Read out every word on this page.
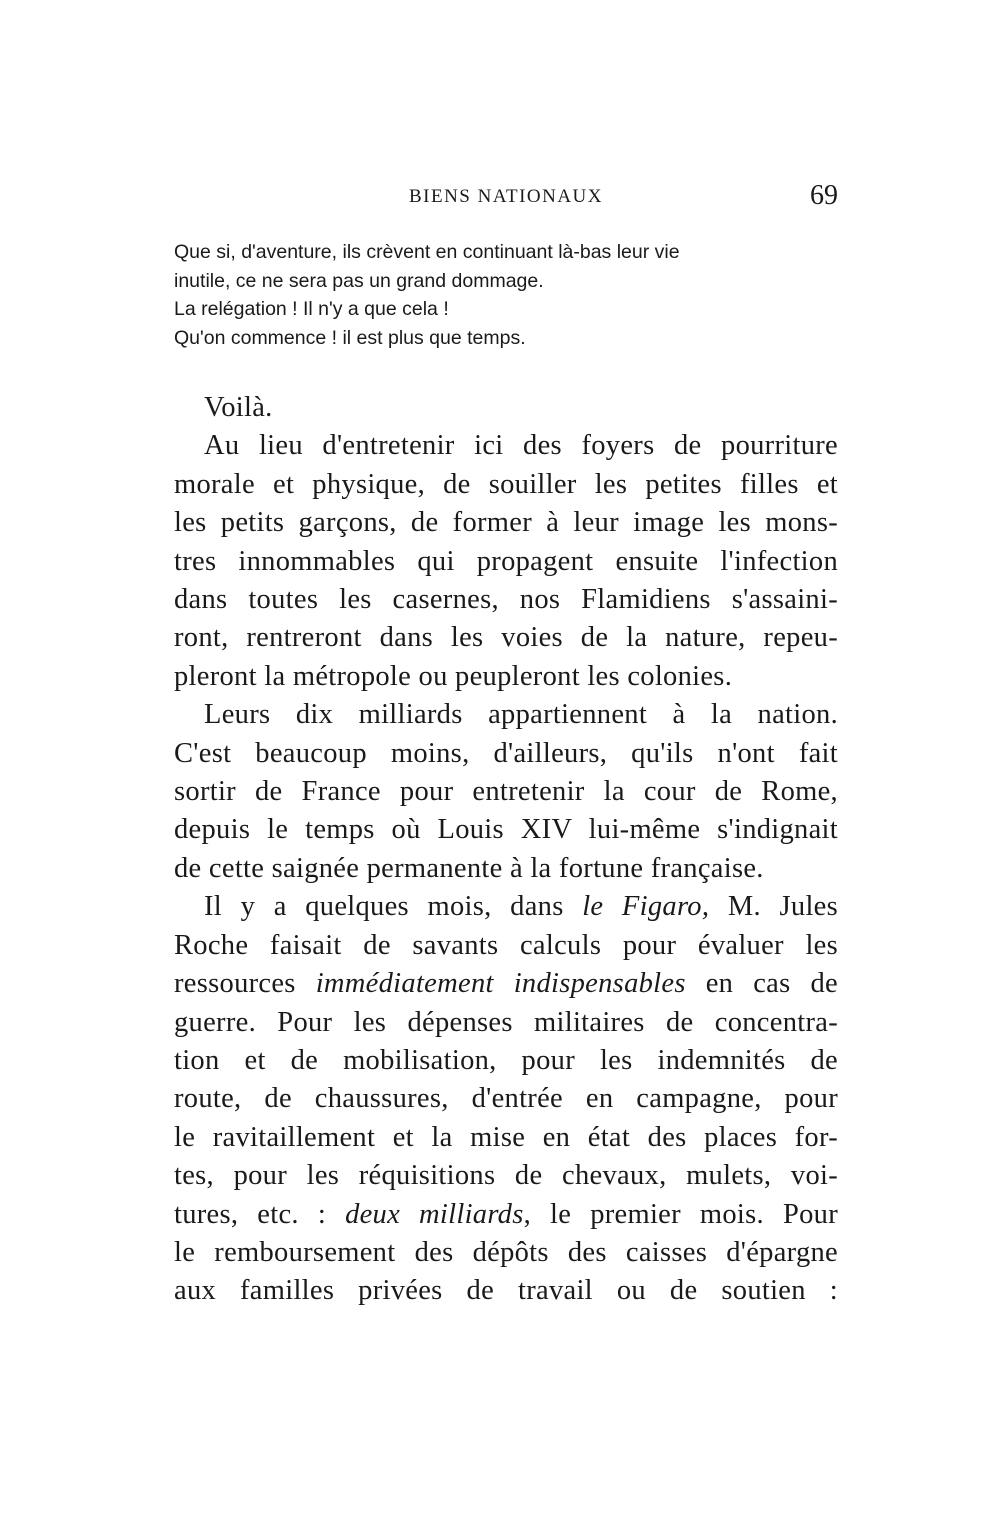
BIENS NATIONAUX	69
Que si, d'aventure, ils crèvent en continuant là-bas leur vie
inutile, ce ne sera pas un grand dommage.
La relégation ! Il n'y a que cela !
Qu'on commence ! il est plus que temps.
Voilà.
Au lieu d'entretenir ici des foyers de pourriture
morale et physique, de souiller les petites filles et
les petits garçons, de former à leur image les mons-
tres innommables qui propagent ensuite l'infection
dans toutes les casernes, nos Flamidiens s'assaini-
ront, rentreront dans les voies de la nature, repeu-
pleront la métropole ou peupleront les colonies.
Leurs dix milliards appartiennent à la nation.
C'est beaucoup moins, d'ailleurs, qu'ils n'ont fait
sortir de France pour entretenir la cour de Rome,
depuis le temps où Louis XIV lui-même s'indignait
de cette saignée permanente à la fortune française.
Il y a quelques mois, dans le Figaro, M. Jules
Roche faisait de savants calculs pour évaluer les
ressources immédiatement indispensables en cas de
guerre. Pour les dépenses militaires de concentra-
tion et de mobilisation, pour les indemnités de
route, de chaussures, d'entrée en campagne, pour
le ravitaillement et la mise en état des places for-
tes, pour les réquisitions de chevaux, mulets, voi-
tures, etc. : deux milliards, le premier mois. Pour
le remboursement des dépôts des caisses d'épargne
aux familles privées de travail ou de soutien :
